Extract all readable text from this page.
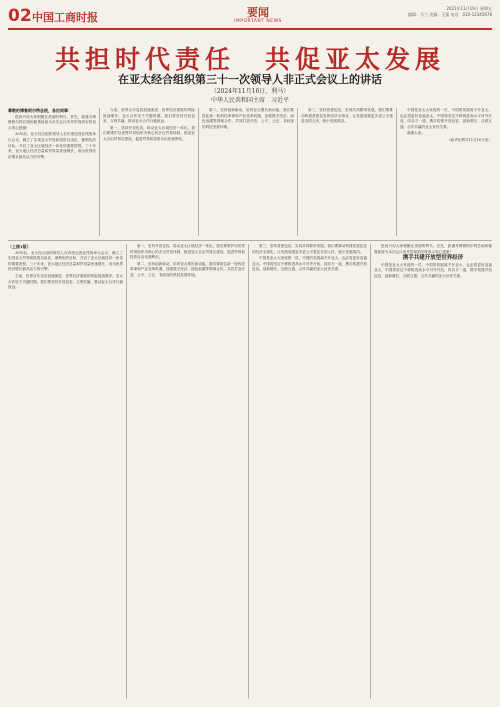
02 中国工商时报	要闻
IMPORTANT NEWS
2021年11月19日 星期五
编辑：马兰 美编：王强 电话：010-12345678
共担时代责任　共促亚太发展
在亚太经合组织第三十一次领导人非正式会议上的讲话
（2024年11月16日，利马）
中华人民共和国主席　习近平

尊敬的博鲁阿尔特总统，各位同事：

很高兴同大家相聚在美丽的利马，首先，我谨对博鲁阿尔特总统和秘鲁政府为本次会议所作的周到安排表示衷心感谢！

30年前，亚太经合组织领导人在印度尼西亚茂物举行会议，确立了实现亚太贸易和投资自由化、便利化的目标，开启了亚太区域经济一体化的重要进程。三十年来，亚太地区经济总量和贸易量快速增长，成为世界经济增长最具活力的引擎。

当前，世界百年变局加速演进，世界经济面临的风险挑战增多，亚太合作处于关键时期。我们要坚持开放包容、互利共赢，推动亚太合作行稳致远。

第一，坚持开放包容，推动亚太区域经济一体化。我们要维护以世界贸易组织为核心的多边贸易体制，推进亚太自由贸易区建设，促进贸易和投资自由化便利化。

第二，坚持创新驱动，培育亚太增长新动能。我们要抓住新一轮科技革命和产业变革机遇，加强数字经济、绿色低碳等领域合作，共同打造开放、公平、公正、非歧视的科技发展环境。

第三，坚持普惠包容，实现共同繁荣发展。我们要推动构建普惠包容的经济全球化，让发展成果更多更公平惠及各国人民，缩小发展鸿沟。

中国是亚太大家庭的一员，中国的发展离不开亚太，也必将更好造福亚太。中国将坚定不移推进高水平对外开放，同各方一道，携手构建开放包容、创新增长、互联互通、合作共赢的亚太伙伴关系。

谢谢大家。

（新华社利马11月16日电）

（上接1版）

30年前，亚太经合组织领导人在印度尼西亚茂物举行会议，确立了实现亚太贸易和投资自由化、便利化的目标，开启了亚太区域经济一体化的重要进程。三十年来，亚太地区经济总量和贸易量快速增长，成为世界经济增长最具活力的引擎。

当前，世界百年变局加速演进，世界经济面临的风险挑战增多，亚太合作处于关键时期。我们要坚持开放包容、互利共赢，推动亚太合作行稳致远。

第一，坚持开放包容，推动亚太区域经济一体化。我们要维护以世界贸易组织为核心的多边贸易体制，推进亚太自由贸易区建设，促进贸易和投资自由化便利化。

第二，坚持创新驱动，培育亚太增长新动能。我们要抓住新一轮科技革命和产业变革机遇，加强数字经济、绿色低碳等领域合作，共同打造开放、公平、公正、非歧视的科技发展环境。

第三，坚持普惠包容，实现共同繁荣发展。我们要推动构建普惠包容的经济全球化，让发展成果更多更公平惠及各国人民，缩小发展鸿沟。

中国是亚太大家庭的一员，中国的发展离不开亚太，也必将更好造福亚太。中国将坚定不移推进高水平对外开放，同各方一道，携手构建开放包容、创新增长、互联互通、合作共赢的亚太伙伴关系。

很高兴同大家相聚在美丽的利马，首先，我谨对博鲁阿尔特总统和秘鲁政府为本次会议所作的周到安排表示衷心感谢！

携手共建开放型世界经济

中国是亚太大家庭的一员，中国的发展离不开亚太，也必将更好造福亚太。中国将坚定不移推进高水平对外开放，同各方一道，携手构建开放包容、创新增长、互联互通、合作共赢的亚太伙伴关系。
